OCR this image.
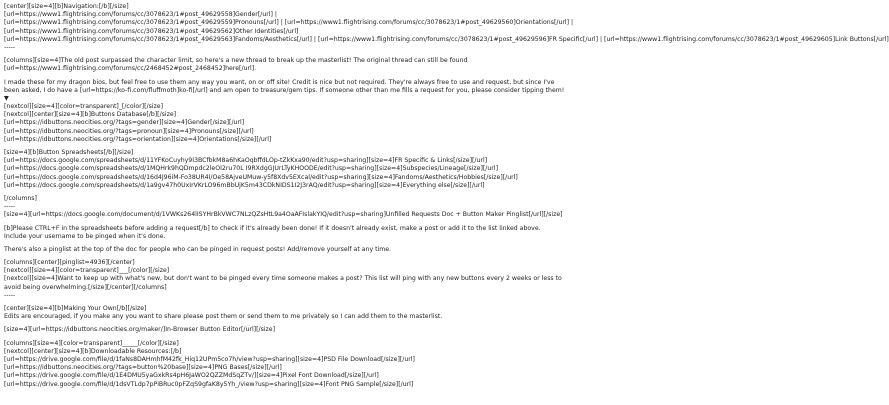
[center][size=4][b]Navigation:[/b][/size]
[url=https://www1.flightrising.com/forums/cc/3078623/1#post_49629558]Gender[/url] |
[url=https://www1.flightrising.com/forums/cc/3078623/1#post_49629559]Pronouns[/url] | [url=https://www1.flightrising.com/forums/cc/3078623/1#post_49629560]Orientations[/url] |
[url=https://www1.flightrising.com/forums/cc/3078623/1#post_49629562]Other Identities[/url]
[url=https://www1.flightrising.com/forums/cc/3078623/1#post_49629563]Fandoms/Aesthetics[/url] | [url=https://www1.flightrising.com/forums/cc/3078623/1#post_49629596]FR Specific[/url] | [url=https://www1.flightrising.com/forums/cc/3078623/1#post_49629605]Link Buttons[/url]
-----
[columns][size=4]The old post surpassed the character limit, so here's a new thread to break up the masterlist! The original thread can still be found
[url=https://www1.flightrising.com/forums/cc/2468452#post_2468452]here[/url].
I made these for my dragon bios, but feel free to use them any way you want, on or off site! Credit is nice but not required. They're always free to use and request, but since I've
been asked, I do have a [url=https://ko-fi.com/fluffmoth]ko-fi[/url] and am open to treasure/gem tips. If someone other than me fills a request for you, please consider tipping them!
▼
[nextcol][size=4][color=transparent]_[/color][/size]
[nextcol][center][size=4][b]Buttons Database[/b][/size]
[url=https://idbuttons.neocities.org/?tags=gender][size=4]Gender[/size][/url]
[url=https://idbuttons.neocities.org/?tags=pronoun][size=4]Pronouns[/size][/url]
[url=https://idbuttons.neocities.org/?tags=orientation][size=4]Orientations[/size][/url]
[size=4][b]Button Spreadsheets[/b][/size]
[url=https://docs.google.com/spreadsheets/d/11YFKoCuyhy9I3BCfbkM8a6hKaOqbffdLOp-tZkKxa90/edit?usp=sharing][size=4]FR Specific & Links[/size][/url]
[url=https://docs.google.com/spreadsheets/d/1MQHrk9hQDmpdc2leOI2ru70L I9RXdgGJUrLTyKHOODE/edit?usp=sharing][size=4]Subspecies/Lineage[/size][/url]
[url=https://docs.google.com/spreadsheets/d/16d4J96iM-Fo38UR4I/Oe58AjveUMuw-y5f8Xdv5EXcal/edit?usp=sharing][size=4]Fandoms/Aesthetics/Hobbies[/size][/url]
[url=https://docs.google.com/spreadsheets/d/1a9gv47h0UxIrVKrLO96mBbUjK5m43CDkNIDS1I2J3rAQ/edit?usp=sharing][size=4]Everything else[/size][/url]
[/columns]
-----
[size=4][url=https://docs.google.com/document/d/1VWKs264lISYHrBkVWC7NLzQZsHtL9a4OaAFIslakYIQ/edit?usp=sharing]Unfilled Requests Doc + Button Maker Pinglist[/url][/size]
[b]Please CTRL+F in the spreadsheets before adding a request[/b] to check if it's already been done! If it doesn't already exist, make a post or add it to the list linked above.
Include your username to be pinged when it's done.
There's also a pinglist at the top of the doc for people who can be pinged in request posts! Add/remove yourself at any time.
[columns][center][pinglist=4936][/center]
[nextcol][size=4][color=transparent]___[/color][/size]
[nextcol][size=4]Want to keep up with what's new, but don't want to be pinged every time someone makes a post? This list will ping with any new buttons every 2 weeks or less to
avoid being overwhelming.[/size][/center][/columns]
-----
[center][size=4][b]Making Your Own[/b][/size]
Edits are encouraged, if you make any you want to share please post them or send them to me privately so I can add them to the masterlist.
[size=4][url=https://idbuttons.neocities.org/maker/]In-Browser Button Editor[/url][/size]
[columns][size=4][color=transparent]_____[/color][/size]
[nextcol][center][size=4][b]Downloadable Resources:[/b]
[url=https://drive.google.com/file/d/1faNs8DAHmhfM42fk_Hiq12UPm5co7h/view?usp=sharing][size=4]PSD File Download[/size][/url]
[url=https://idbuttons.neocities.org/?tags=button%20base][size=4]PNG Bases[/size][/url]
[url=https://drive.google.com/file/d/1E4DMU5yaGxkRs4pH6JaWO2QZZMdSqZTv/][size=4]Pixel Font Download[/size][/url]
[url=https://drive.google.com/file/d/1dsVTLdp7pPiBRuc0pFZqS9gfaK8y5Yh_/view?usp=sharing][size=4]Font PNG Sample[/size][/url]
